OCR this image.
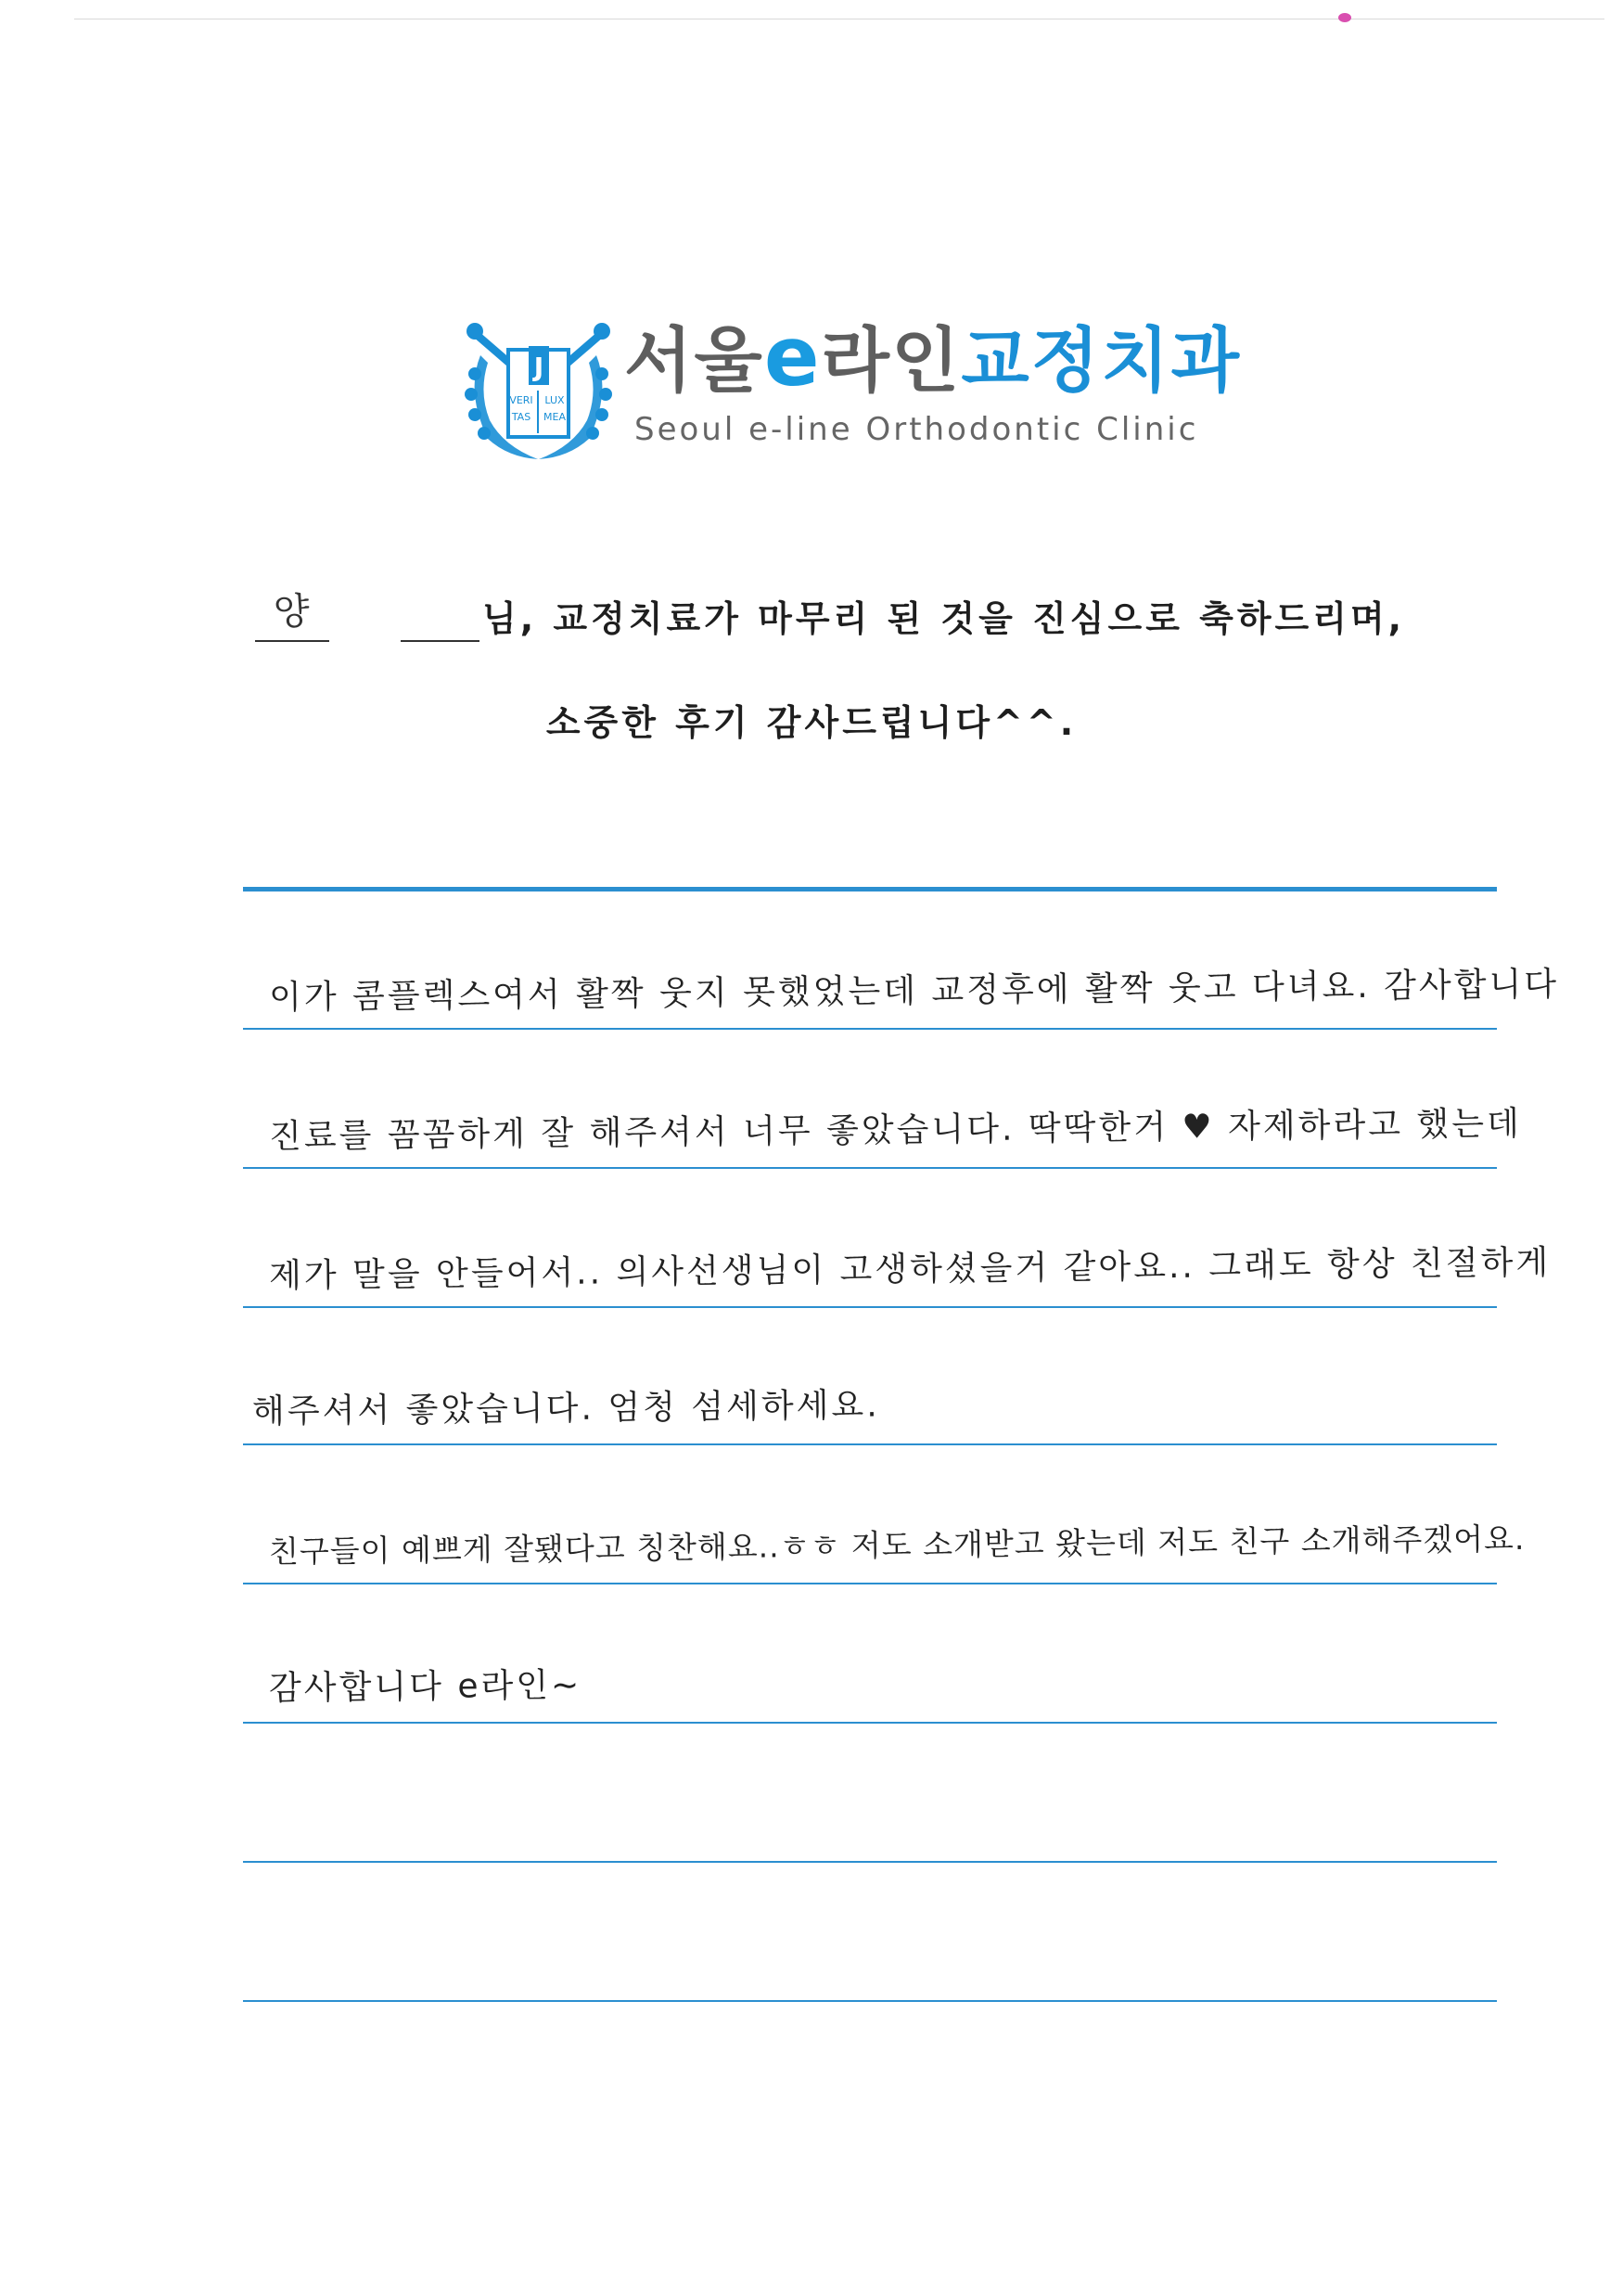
J
VERI LUX
TAS MEA
서울e라인교정치과
Seoul e-line Orthodontic Clinic
양	님, 교정치료가 마무리 된 것을 진심으로 축하드리며,
소중한 후기 감사드립니다^^.
이가 콤플렉스여서 활짝 웃지 못했었는데 교정후에 활짝 웃고 다녀요. 감사합니다
진료를 꼼꼼하게 잘 해주셔서 너무 좋았습니다. 딱딱한거 ♥ 자제하라고 했는데
제가 말을 안들어서.. 의사선생님이 고생하셨을거 같아요.. 그래도 항상 친절하게
해주셔서 좋았습니다. 엄청 섬세하세요.
친구들이 예쁘게 잘됐다고 칭찬해요..ㅎㅎ 저도 소개받고 왔는데 저도 친구 소개해주겠어요.
감사합니다 e라인~
